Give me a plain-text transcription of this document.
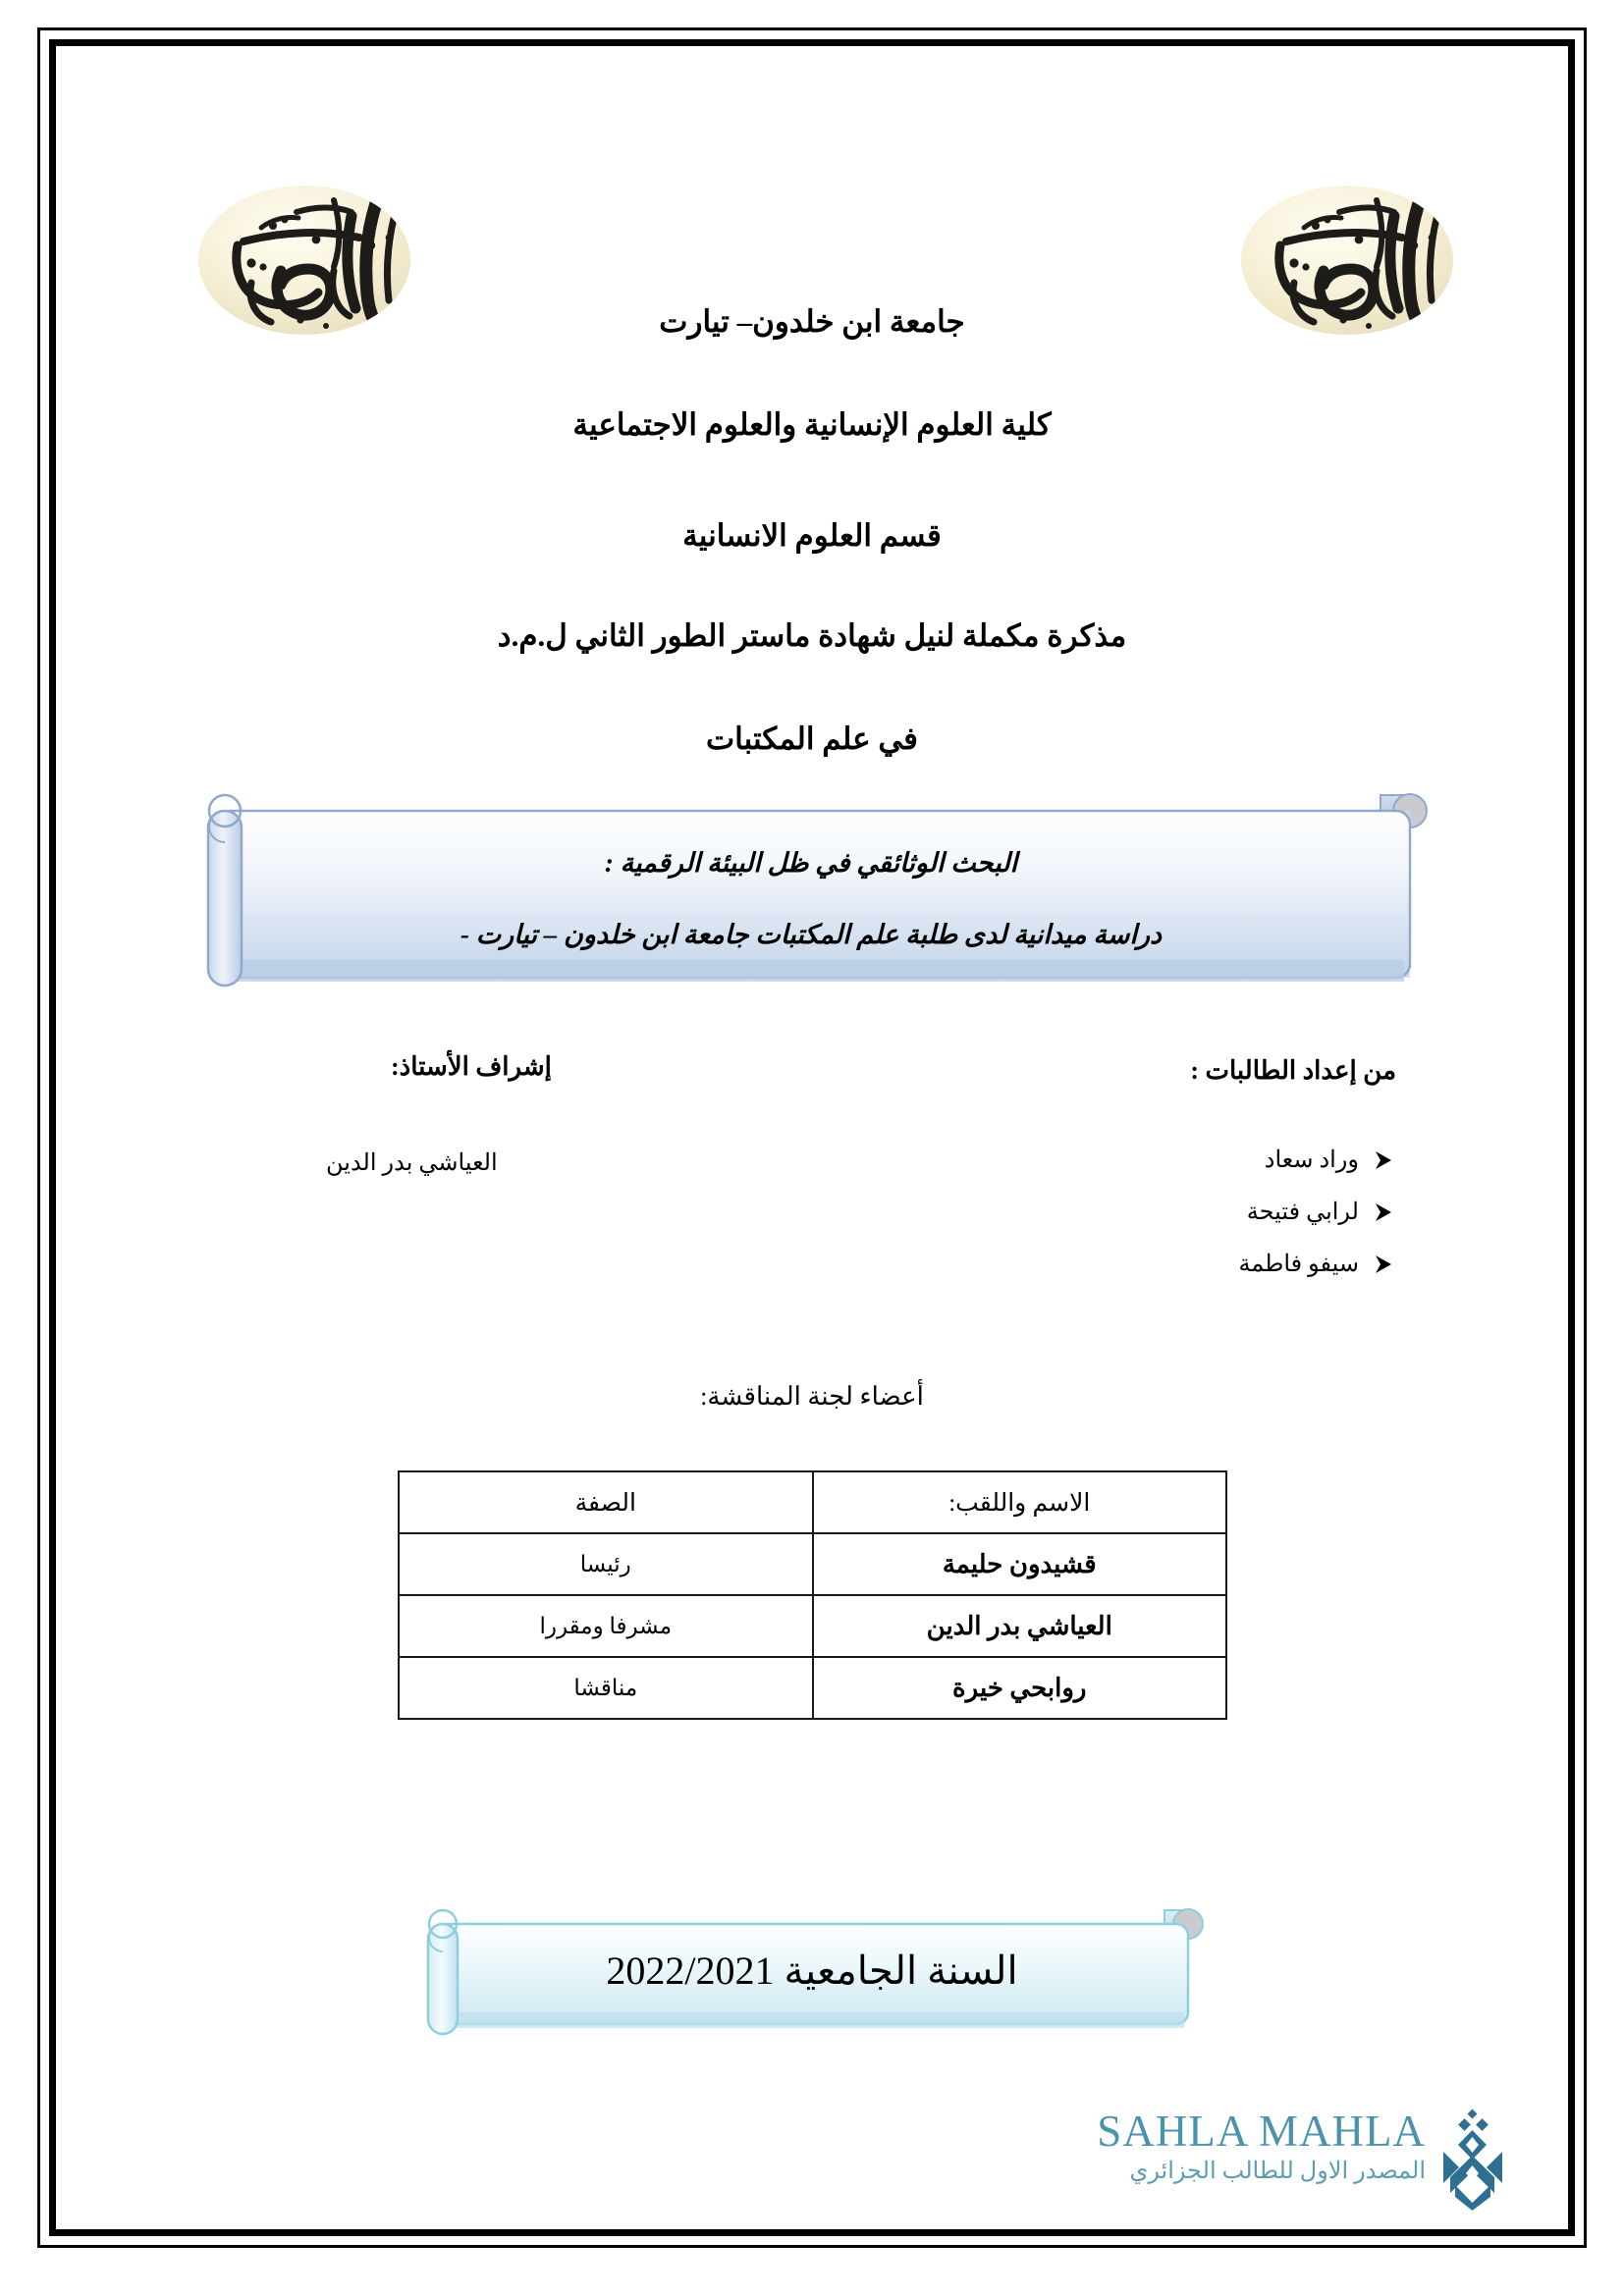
جامعة ابن خلدون– تيارت
كلية العلوم الإنسانية والعلوم الاجتماعية
قسم العلوم الانسانية
مذكرة مكملة لنيل شهادة ماستر الطور الثاني ل.م.د
في علم المكتبات
البحث الوثائقي في ظل البيئة الرقمية :
دراسة ميدانية لدى طلبة علم المكتبات جامعة ابن خلدون – تيارت -
من إعداد الطالبات :
إشراف الأستاذ:
العياشي بدر الدين	وراد سعاد
لرابي فتيحة
سيفو فاطمة
أعضاء لجنة المناقشة:
الاسم واللقب:	الصفة
قشيدون حليمة	رئيسا
العياشي بدر الدين	مشرفا ومقررا
روابحي خيرة	مناقشا
السنة الجامعية 2022/2021
SAHLA MAHLA
المصدر الاول للطالب الجزائري
